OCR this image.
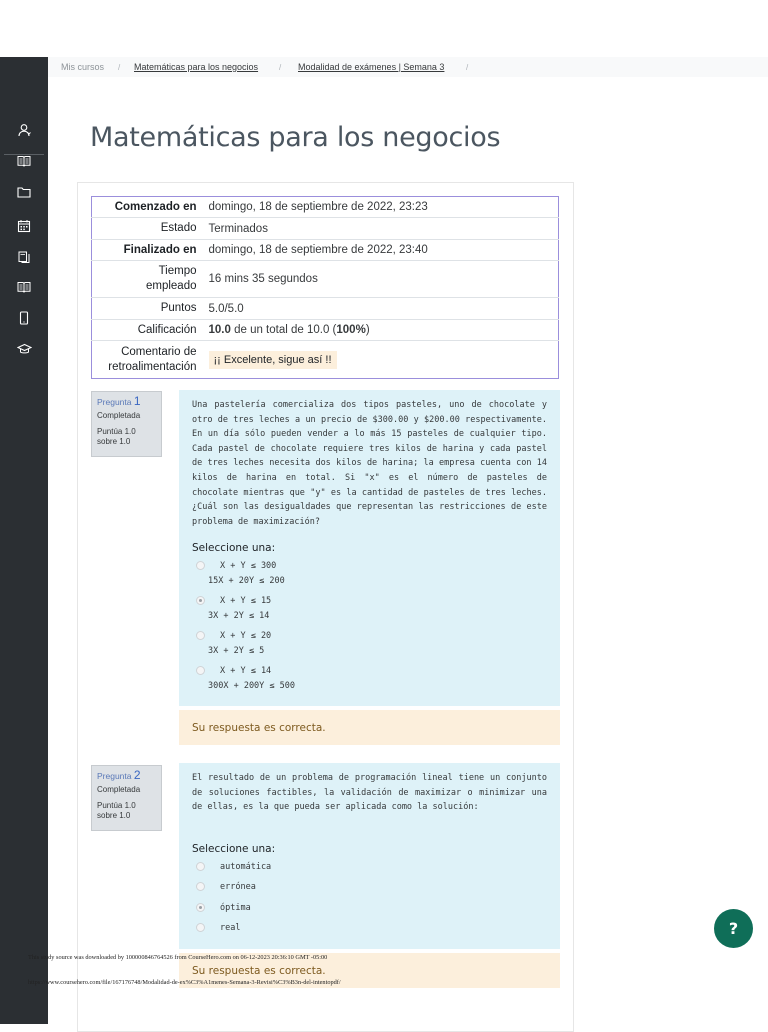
Mis cursos / Matemáticas para los negocios	/ Modalidad de exámenes | Semana 3	/
Matemáticas para los negocios
Comenzado en	domingo, 18 de septiembre de 2022, 23:23
Estado	Terminados
Finalizado en	domingo, 18 de septiembre de 2022, 23:40
Tiempo empleado	16 mins 35 segundos
Puntos	5.0/5.0
Calificación	10.0 de un total de 10.0 (100%)
Comentario de retroalimentación	¡¡ Excelente, sigue así !!
Pregunta 1
Completada
Puntúa 1.0 sobre 1.0
Una pastelería comercializa dos tipos pasteles, uno de chocolate y otro de tres leches a un precio de $300.00 y $200.00 respectivamente. En un día sólo pueden vender a lo más 15 pasteles de cualquier tipo. Cada pastel de chocolate requiere tres kilos de harina y cada pastel de tres leches necesita dos kilos de harina; la empresa cuenta con 14 kilos de harina en total. Si "x" es el número de pasteles de chocolate mientras que "y" es la cantidad de pasteles de tres leches. ¿Cuál son las desigualdades que representan las restricciones de este problema de maximización?
Seleccione una:
X + Y ≤ 300
15X + 20Y ≤ 200
X + Y ≤ 15
3X + 2Y ≤ 14
X + Y ≤ 20
3X + 2Y ≤ 5
X + Y ≤ 14
300X + 200Y ≤ 500
Su respuesta es correcta.
Pregunta 2
Completada
Puntúa 1.0 sobre 1.0
El resultado de un problema de programación lineal tiene un conjunto de soluciones factibles, la validación de maximizar o minimizar una de ellas, es la que pueda ser aplicada como la solución:
Seleccione una:
automática
errónea
óptima
real
Su respuesta es correcta.
?
This study source was downloaded by 100000846764526 from CourseHero.com on 06-12-2023 20:36:10 GMT -05:00
https://www.coursehero.com/file/167176748/Modalidad-de-ex%C3%A1menes-Semana-3-Revisi%C3%B3n-del-intentopdf/
